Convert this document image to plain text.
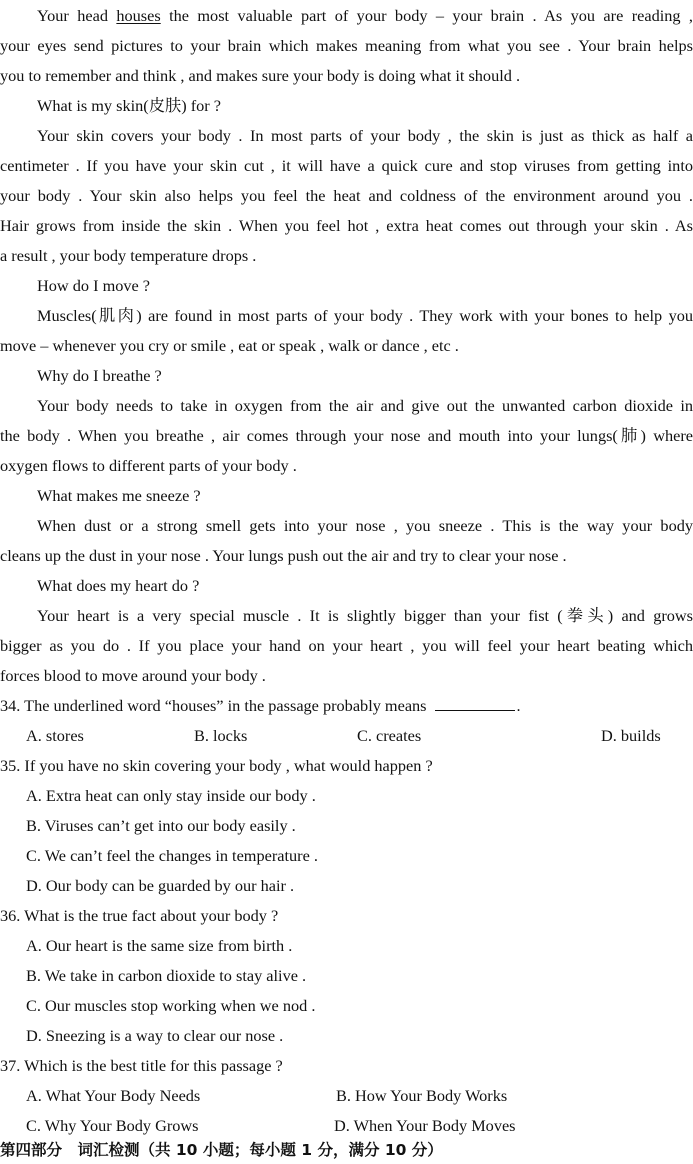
Your head houses the most valuable part of your body – your brain . As you are reading ,
your eyes send pictures to your brain which makes meaning from what you see . Your brain helps
you to remember and think , and makes sure your body is doing what it should .
What is my skin(皮肤) for ?
Your skin covers your body . In most parts of your body , the skin is just as thick as half a
centimeter . If you have your skin cut , it will have a quick cure and stop viruses from getting into
your body . Your skin also helps you feel the heat and coldness of the environment around you .
Hair grows from inside the skin . When you feel hot , extra heat comes out through your skin . As
a result , your body temperature drops .
How do I move ?
Muscles(肌肉) are found in most parts of your body . They work with your bones to help you
move – whenever you cry or smile , eat or speak , walk or dance , etc .
Why do I breathe ?
Your body needs to take in oxygen from the air and give out the unwanted carbon dioxide in
the body . When you breathe , air comes through your nose and mouth into your lungs(肺) where
oxygen flows to different parts of your body .
What makes me sneeze ?
When dust or a strong smell gets into your nose , you sneeze . This is the way your body
cleans up the dust in your nose . Your lungs push out the air and try to clear your nose .
What does my heart do ?
Your heart is a very special muscle . It is slightly bigger than your fist (拳头) and grows
bigger as you do . If you place your hand on your heart , you will feel your heart beating which
forces blood to move around your body .
34. The underlined word “houses” in the passage probably means	.
A. stores	B. locks	C. creates	D. builds
35. If you have no skin covering your body , what would happen ?
A. Extra heat can only stay inside our body .
B. Viruses can’t get into our body easily .
C. We can’t feel the changes in temperature .
D. Our body can be guarded by our hair .
36. What is the true fact about your body ?
A. Our heart is the same size from birth .
B. We take in carbon dioxide to stay alive .
C. Our muscles stop working when we nod .
D. Sneezing is a way to clear our nose .
37. Which is the best title for this passage ?
A. What Your Body Needs	B. How Your Body Works
C. Why Your Body Grows	D. When Your Body Moves
第四部分　词汇检测（共 10 小题；每小题 1 分，满分 10 分）
